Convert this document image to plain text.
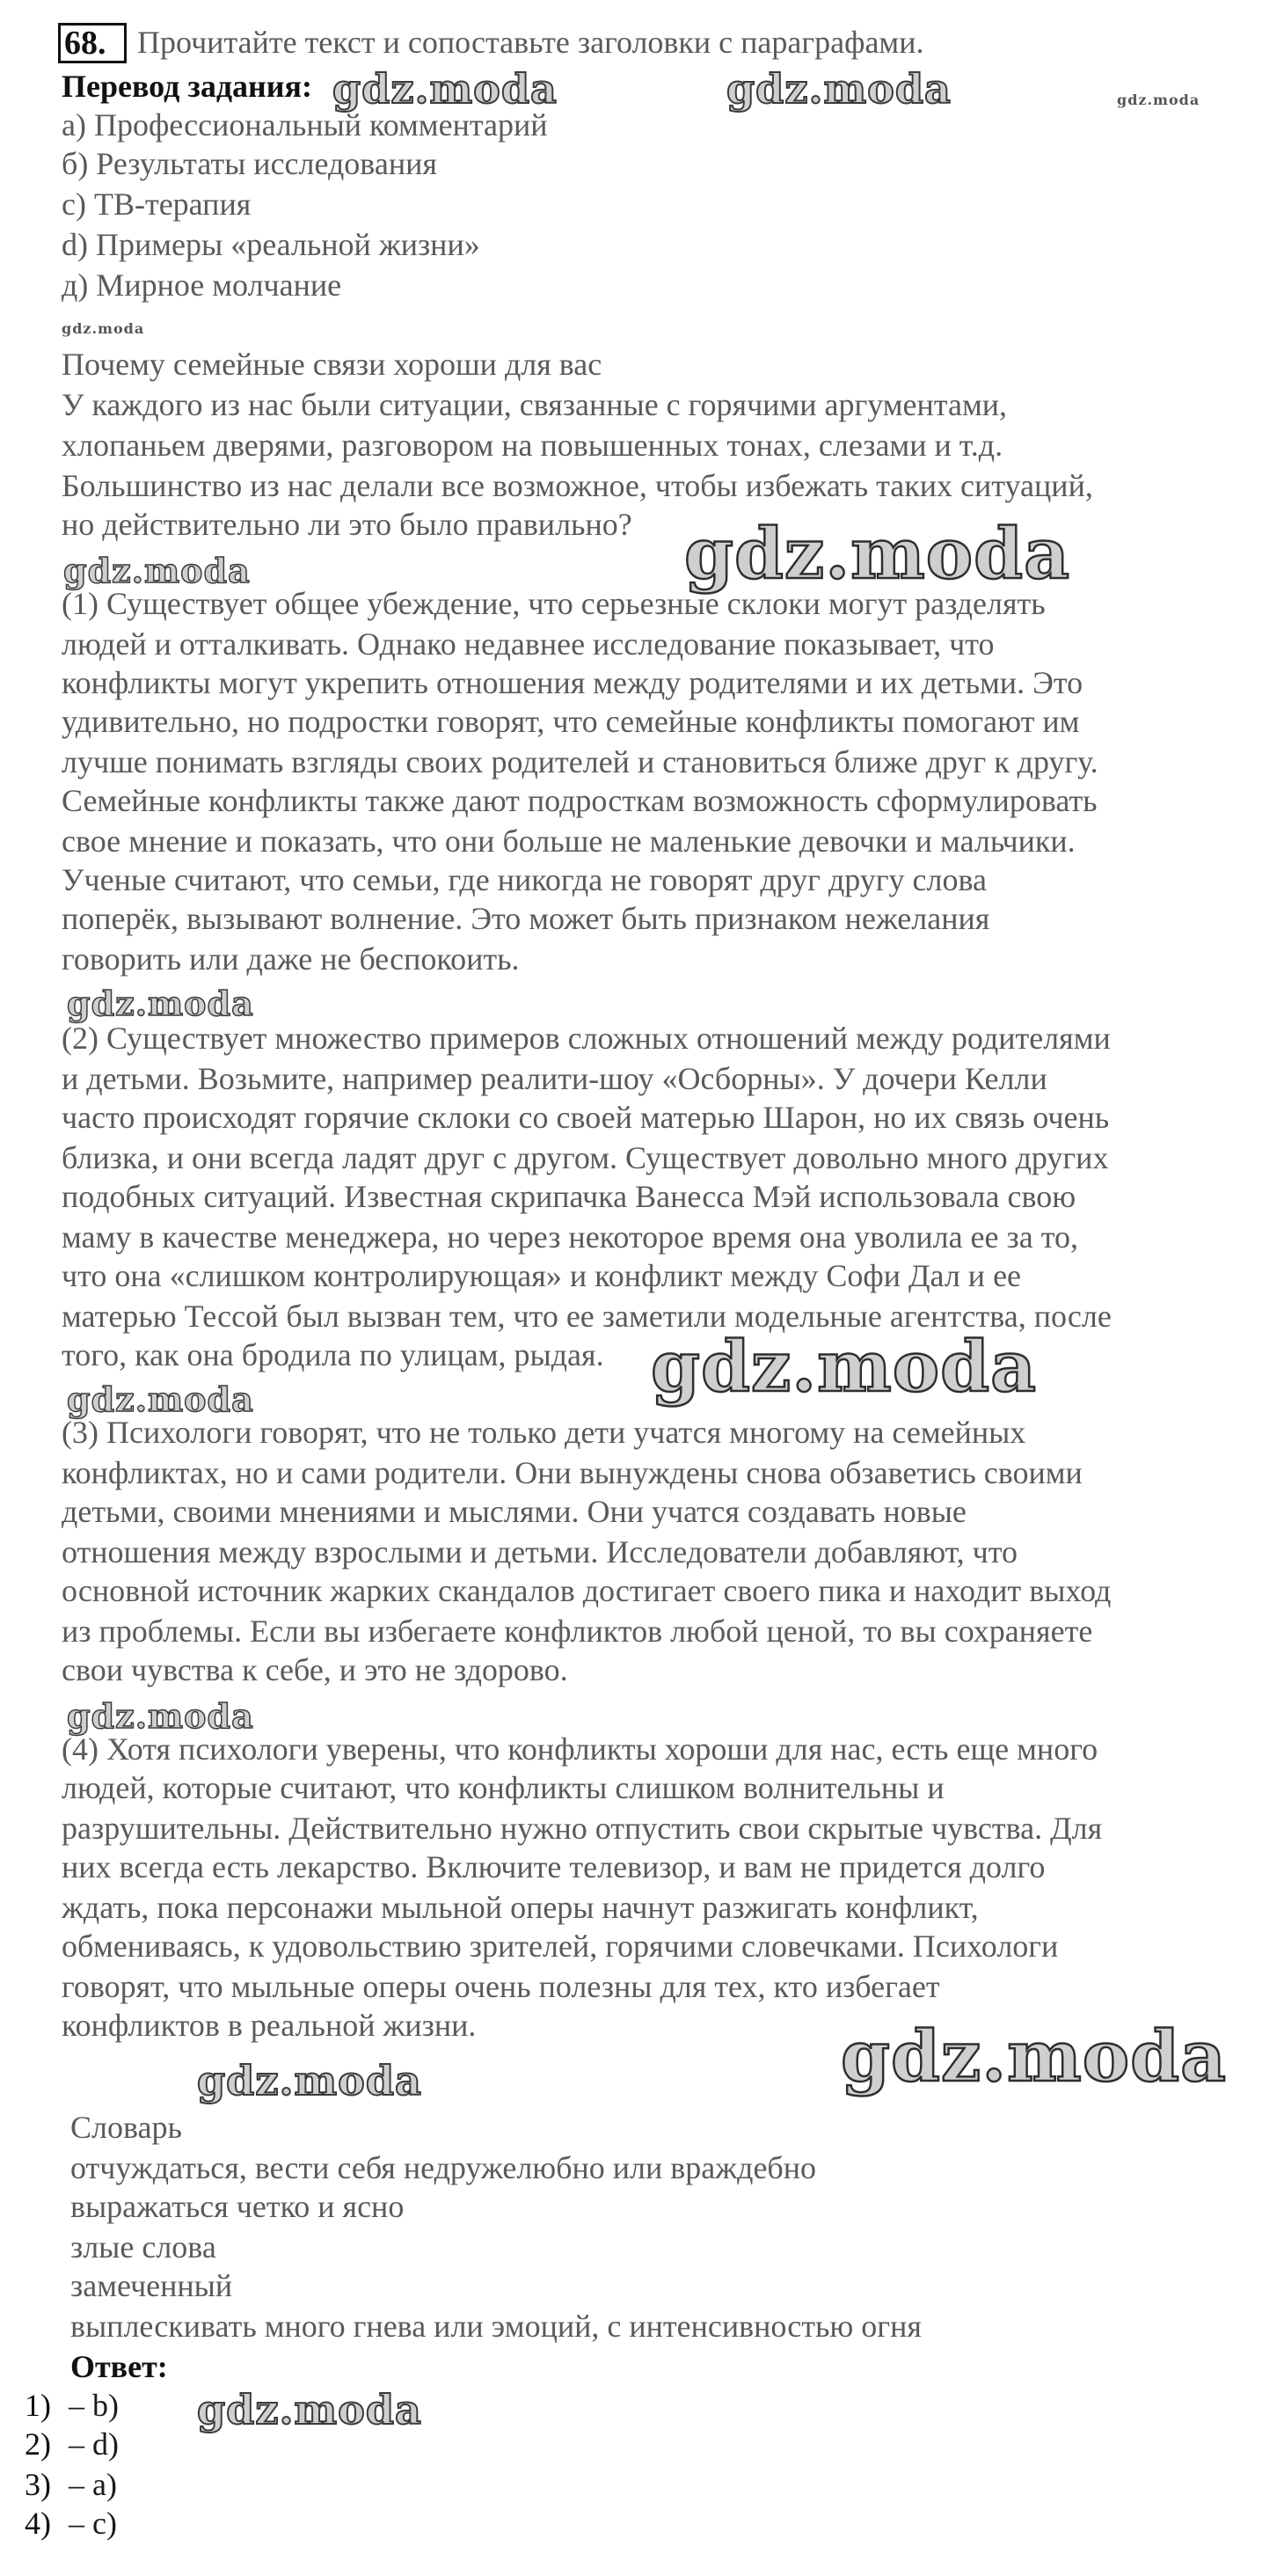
68. Прочитайте текст и сопоставьте заголовки с параграфами.
Перевод задания:
а) Профессиональный комментарий
б) Результаты исследования
c) ТВ-терапия
d) Примеры «реальной жизни»
д) Мирное молчание
Почему семейные связи хороши для вас
У каждого из нас были ситуации, связанные с горячими аргументами,
хлопаньем дверями, разговором на повышенных тонах, слезами и т.д.
Большинство из нас делали все возможное, чтобы избежать таких ситуаций,
но действительно ли это было правильно?
(1) Существует общее убеждение, что серьезные склоки могут разделять
людей и отталкивать. Однако недавнее исследование показывает, что
конфликты могут укрепить отношения между родителями и их детьми. Это
удивительно, но подростки говорят, что семейные конфликты помогают им
лучше понимать взгляды своих родителей и становиться ближе друг к другу.
Семейные конфликты также дают подросткам возможность сформулировать
свое мнение и показать, что они больше не маленькие девочки и мальчики.
Ученые считают, что семьи, где никогда не говорят друг другу слова
поперёк, вызывают волнение. Это может быть признаком нежелания
говорить или даже не беспокоить.
(2) Существует множество примеров сложных отношений между родителями
и детьми. Возьмите, например реалити-шоу «Осборны». У дочери Келли
часто происходят горячие склоки со своей матерью Шарон, но их связь очень
близка, и они всегда ладят друг с другом. Существует довольно много других
подобных ситуаций. Известная скрипачка Ванесса Мэй использовала свою
маму в качестве менеджера, но через некоторое время она уволила ее за то,
что она «слишком контролирующая» и конфликт между Софи Дал и ее
матерью Тессой был вызван тем, что ее заметили модельные агентства, после
того, как она бродила по улицам, рыдая.
(3) Психологи говорят, что не только дети учатся многому на семейных
конфликтах, но и сами родители. Они вынуждены снова обзаветись своими
детьми, своими мнениями и мыслями. Они учатся создавать новые
отношения между взрослыми и детьми. Исследователи добавляют, что
основной источник жарких скандалов достигает своего пика и находит выход
из проблемы. Если вы избегаете конфликтов любой ценой, то вы сохраняете
свои чувства к себе, и это не здорово.
(4) Хотя психологи уверены, что конфликты хороши для нас, есть еще много
людей, которые считают, что конфликты слишком волнительны и
разрушительны. Действительно нужно отпустить свои скрытые чувства. Для
них всегда есть лекарство. Включите телевизор, и вам не придется долго
ждать, пока персонажи мыльной оперы начнут разжигать конфликт,
обмениваясь, к удовольствию зрителей, горячими словечками. Психологи
говорят, что мыльные оперы очень полезны для тех, кто избегает
конфликтов в реальной жизни.
Словарь
отчуждаться, вести себя недружелюбно или враждебно
выражаться четко и ясно
злые слова
замеченный
выплескивать много гнева или эмоций, с интенсивностью огня
Ответ:
1) – b)
2) – d)
3) – a)
4) – c)
gdz.moda	gdz.moda	gdz.moda
gdz.moda
gdz.moda
gdz.moda
gdz.moda
gdz.moda
gdz.moda
gdz.moda
gdz.moda
gdz.moda
gdz.moda
